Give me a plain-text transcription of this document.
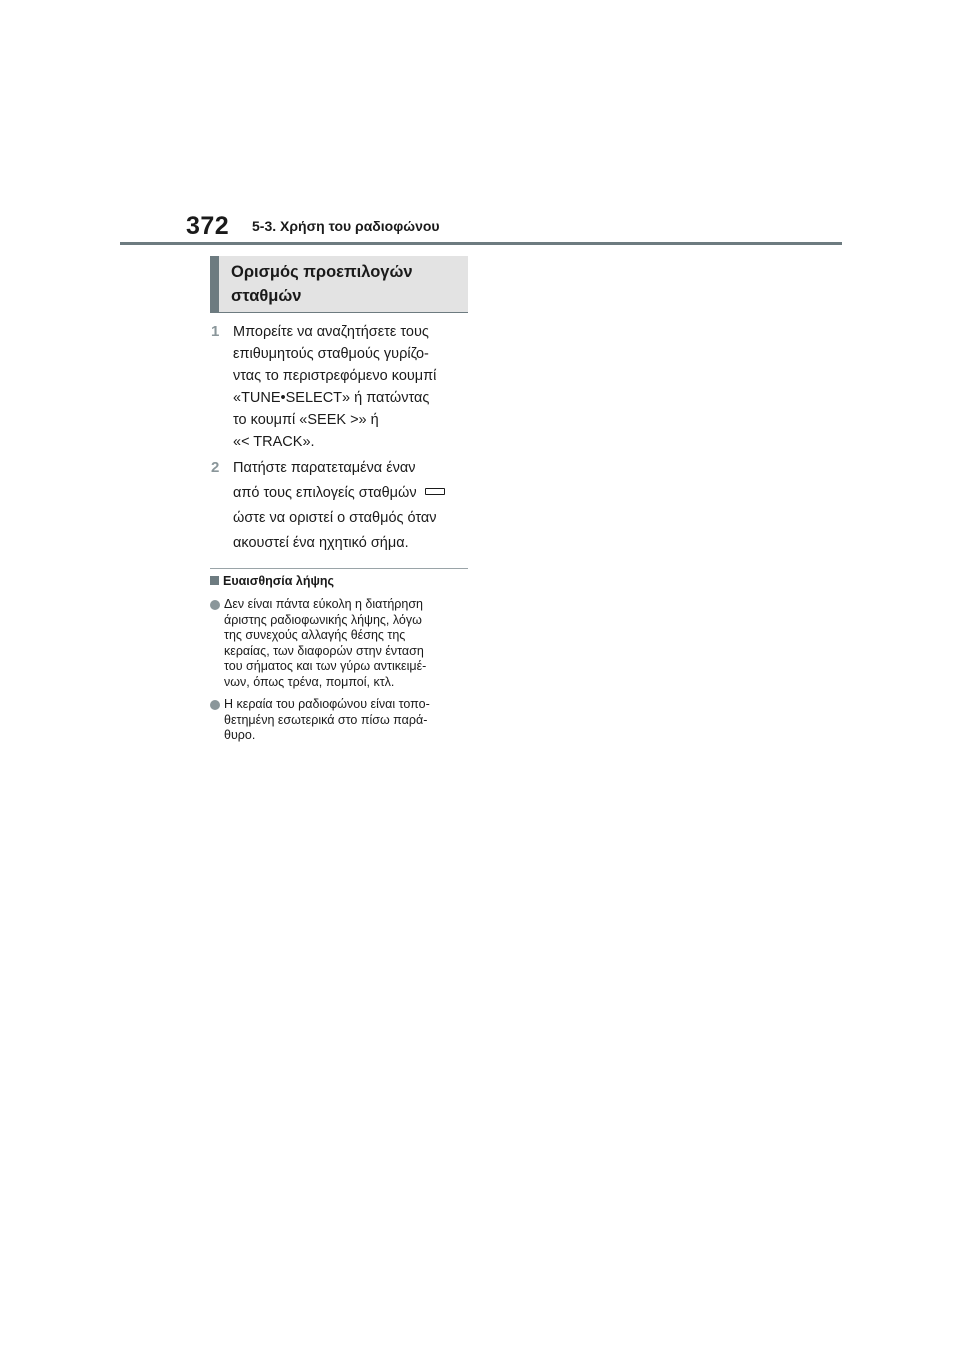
372 5-3. Χρήση του ραδιοφώνου
Ορισμός προεπιλογών
σταθμών
1 Μπορείτε να αναζητήσετε τους
επιθυμητούς σταθμούς γυρίζο-
ντας το περιστρεφόμενο κουμπί
«TUNE•SELECT» ή πατώντας
το κουμπί «SEEK >» ή
«< TRACK».
2 Πατήστε παρατεταμένα έναν
από τους επιλογείς σταθμών
ώστε να οριστεί ο σταθμός όταν
ακουστεί ένα ηχητικό σήμα.
Ευαισθησία λήψης
Δεν είναι πάντα εύκολη η διατήρηση
άριστης ραδιοφωνικής λήψης, λόγω
της συνεχούς αλλαγής θέσης της
κεραίας, των διαφορών στην ένταση
του σήματος και των γύρω αντικειμέ-
νων, όπως τρένα, πομποί, κτλ.
Η κεραία του ραδιοφώνου είναι τοπο-
θετημένη εσωτερικά στο πίσω παρά-
θυρο.
